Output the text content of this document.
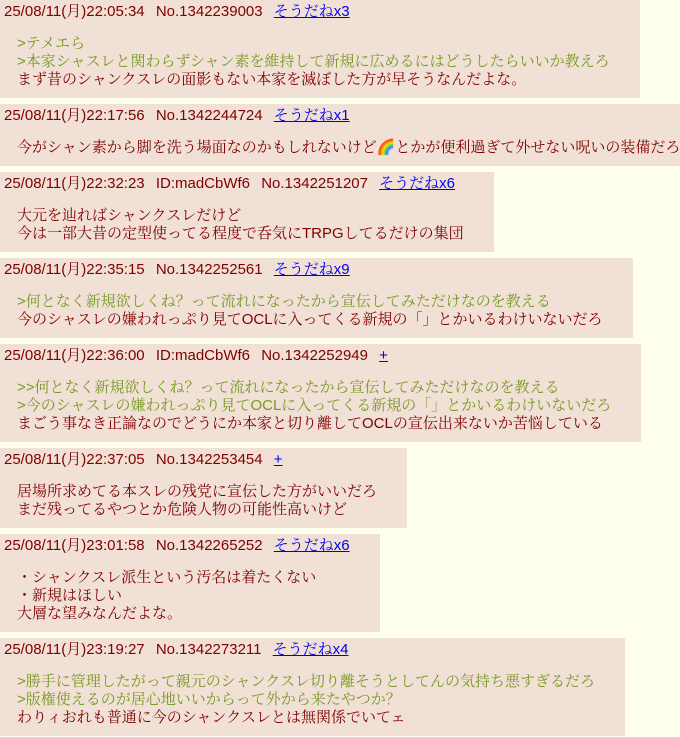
25/08/11(月)22:05:34 No.1342239003 そうだねx3
>テメエら
>本家シャスレと関わらずシャン素を維持して新規に広めるにはどうしたらいいか教えろ
まず昔のシャンクスレの面影もない本家を滅ぼした方が早そうなんだよな。
25/08/11(月)22:17:56 No.1342244724 そうだねx1
今がシャン素から脚を洗う場面なのかもしれないけど🌈とかが便利過ぎて外せない呪いの装備だろ
25/08/11(月)22:32:23 ID:madCbWf6 No.1342251207 そうだねx6
大元を辿ればシャンクスレだけど
今は一部大昔の定型使ってる程度で呑気にTRPGしてるだけの集団
25/08/11(月)22:35:15 No.1342252561 そうだねx9
>何となく新規欲しくね？って流れになったから宣伝してみただけなのを教える
今のシャスレの嫌われっぷり見てOCLに入ってくる新規の「」とかいるわけいないだろ
25/08/11(月)22:36:00 ID:madCbWf6 No.1342252949 +
>>何となく新規欲しくね？って流れになったから宣伝してみただけなのを教える
>今のシャスレの嫌われっぷり見てOCLに入ってくる新規の「」とかいるわけいないだろ
まごう事なき正論なのでどうにか本家と切り離してOCLの宣伝出来ないか苦悩している
25/08/11(月)22:37:05 No.1342253454 +
居場所求めてる本スレの残党に宣伝した方がいいだろ
まだ残ってるやつとか危険人物の可能性高いけど
25/08/11(月)23:01:58 No.1342265252 そうだねx6
・シャンクスレ派生という汚名は着たくない
・新規はほしい
大層な望みなんだよな。
25/08/11(月)23:19:27 No.1342273211 そうだねx4
>勝手に管理したがって親元のシャンクスレ切り離そうとしてんの気持ち悪すぎるだろ
>版権使えるのが居心地いいからって外から来たやつか？
わりィおれも普通に今のシャンクスレとは無関係でいてェ
